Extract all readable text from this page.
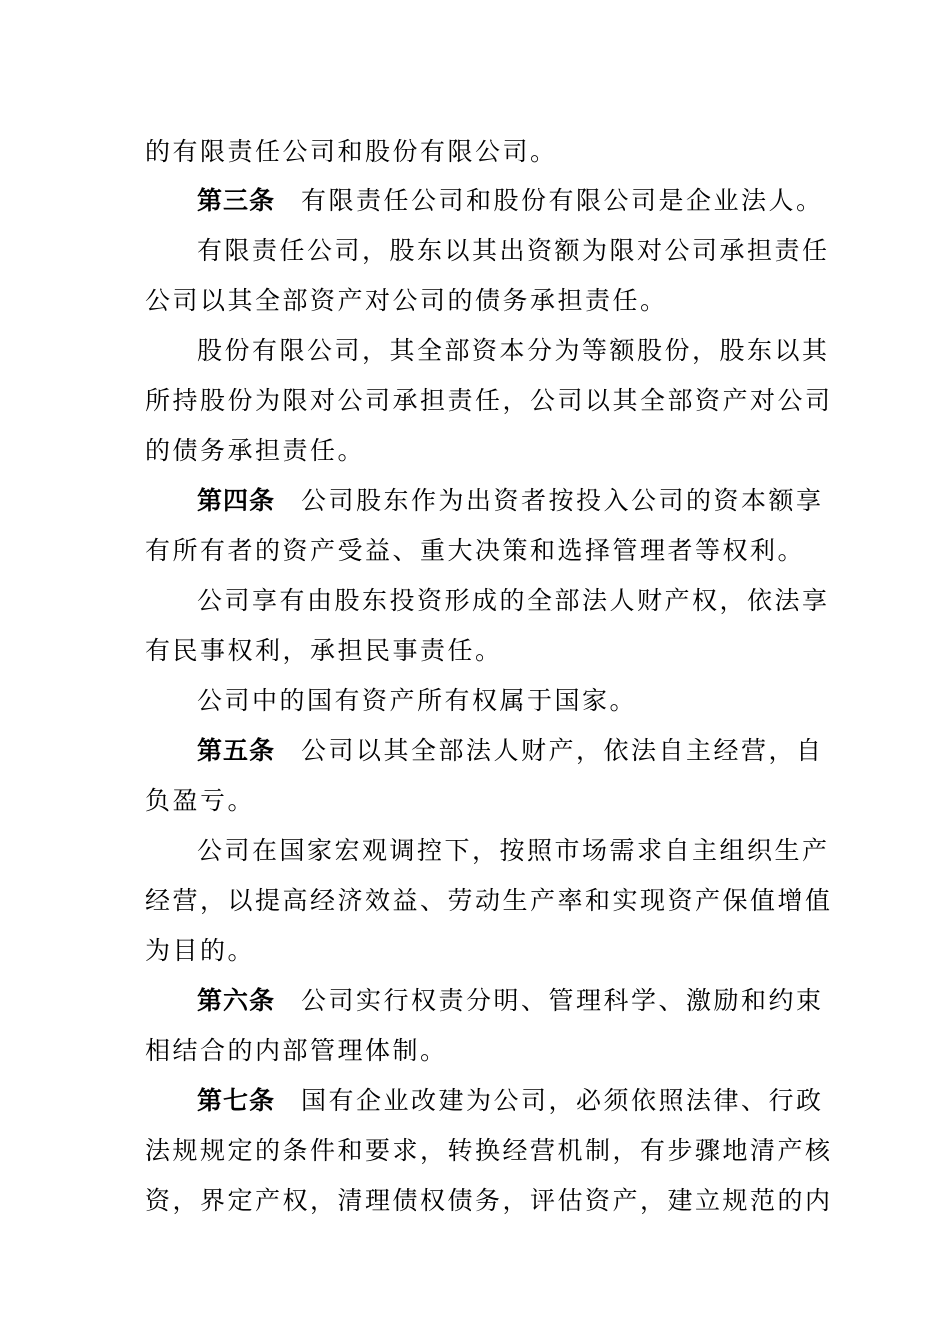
的有限责任公司和股份有限公司。
第三条 有限责任公司和股份有限公司是企业法人。
有限责任公司，股东以其出资额为限对公司承担责任
公司以其全部资产对公司的债务承担责任。
股份有限公司，其全部资本分为等额股份，股东以其
所持股份为限对公司承担责任，公司以其全部资产对公司
的债务承担责任。
第四条 公司股东作为出资者按投入公司的资本额享
有所有者的资产受益、重大决策和选择管理者等权利。
公司享有由股东投资形成的全部法人财产权，依法享
有民事权利，承担民事责任。
公司中的国有资产所有权属于国家。
第五条 公司以其全部法人财产，依法自主经营，自
负盈亏。
公司在国家宏观调控下，按照市场需求自主组织生产
经营，以提高经济效益、劳动生产率和实现资产保值增值
为目的。
第六条 公司实行权责分明、管理科学、激励和约束
相结合的内部管理体制。
第七条 国有企业改建为公司，必须依照法律、行政
法规规定的条件和要求，转换经营机制，有步骤地清产核
资，界定产权，清理债权债务，评估资产，建立规范的内
